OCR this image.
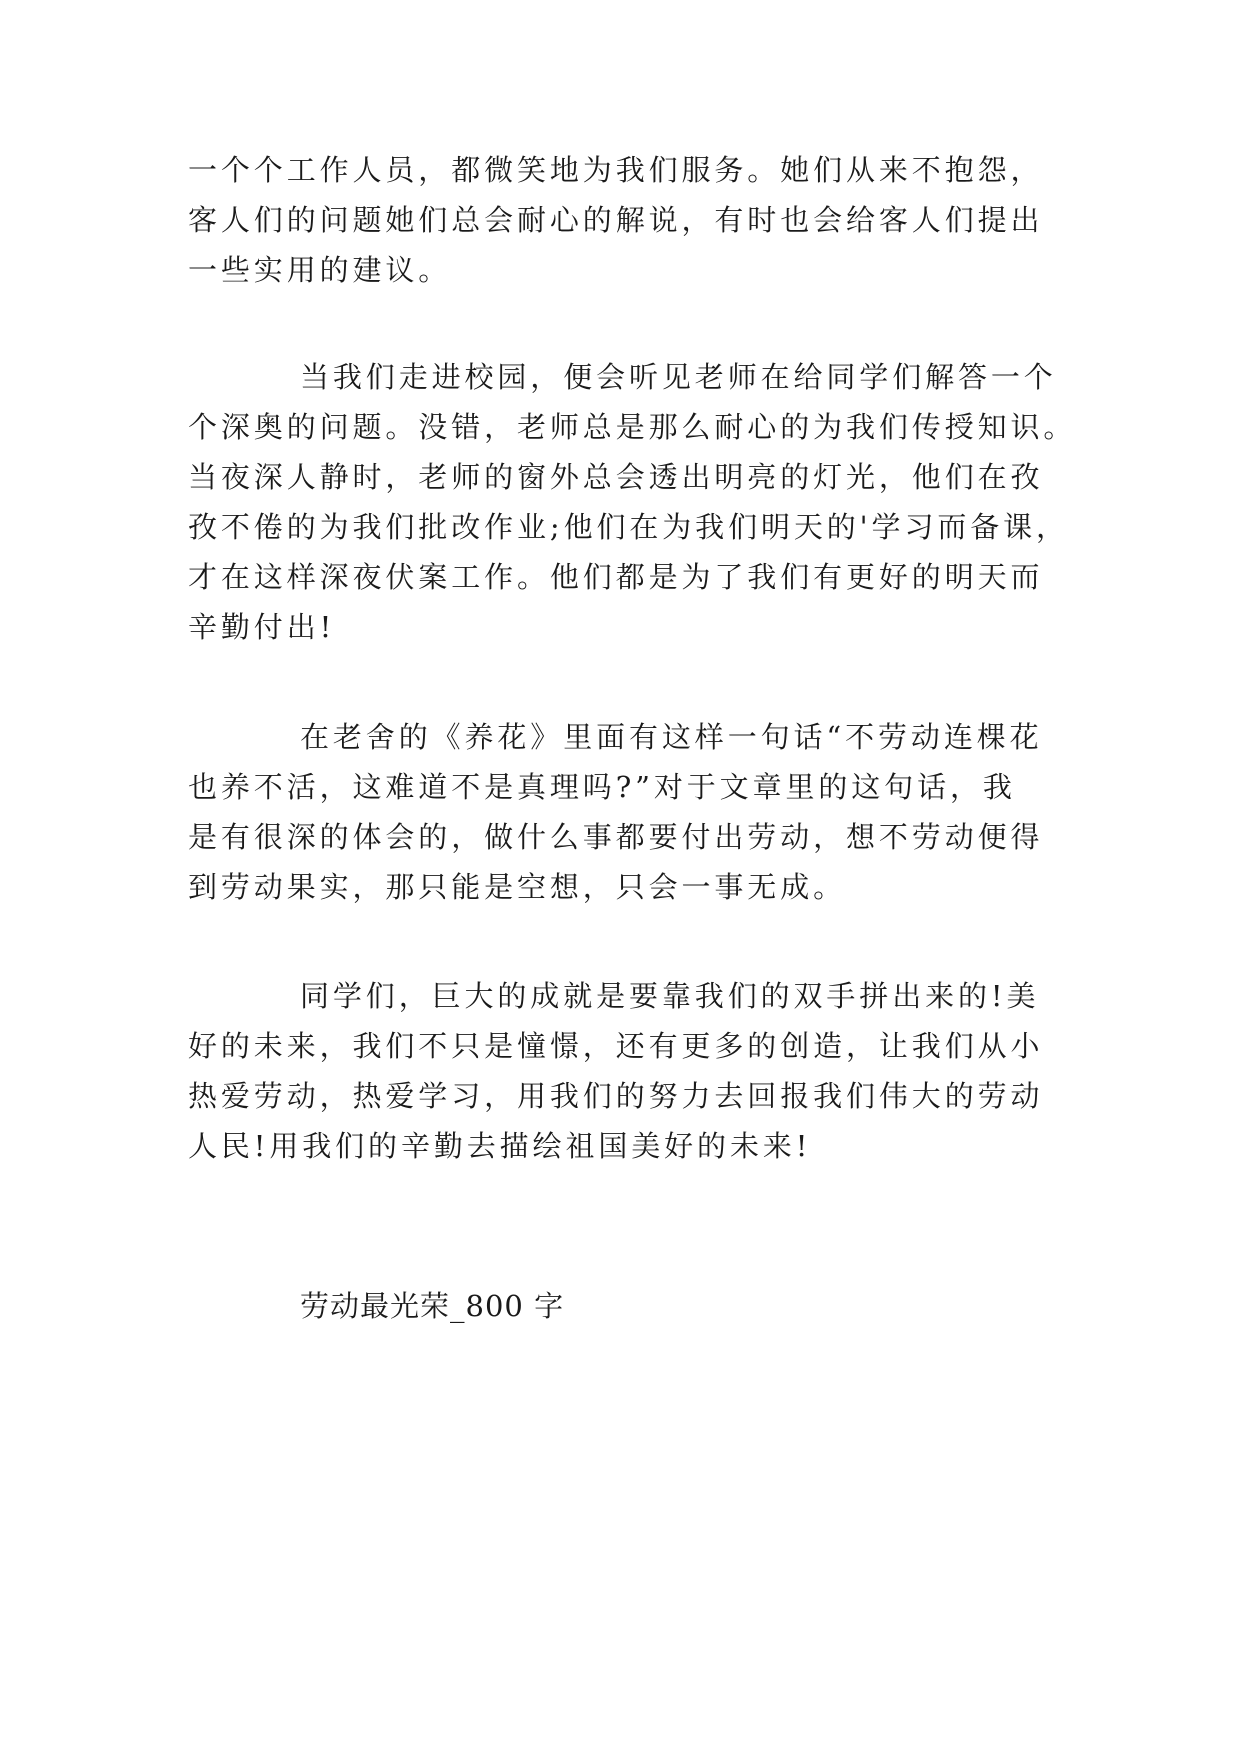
一个个工作人员，都微笑地为我们服务。她们从来不抱怨，
客人们的问题她们总会耐心的解说，有时也会给客人们提出
一些实用的建议。
当我们走进校园，便会听见老师在给同学们解答一个
个深奥的问题。没错，老师总是那么耐心的为我们传授知识。
当夜深人静时，老师的窗外总会透出明亮的灯光，他们在孜
孜不倦的为我们批改作业;他们在为我们明天的'学习而备课，
才在这样深夜伏案工作。他们都是为了我们有更好的明天而
辛勤付出!
在老舍的《养花》里面有这样一句话“不劳动连棵花
也养不活，这难道不是真理吗?”对于文章里的这句话，我
是有很深的体会的，做什么事都要付出劳动，想不劳动便得
到劳动果实，那只能是空想，只会一事无成。
同学们，巨大的成就是要靠我们的双手拼出来的!美
好的未来，我们不只是憧憬，还有更多的创造，让我们从小
热爱劳动，热爱学习，用我们的努力去回报我们伟大的劳动
人民!用我们的辛勤去描绘祖国美好的未来!
劳动最光荣_800 字
